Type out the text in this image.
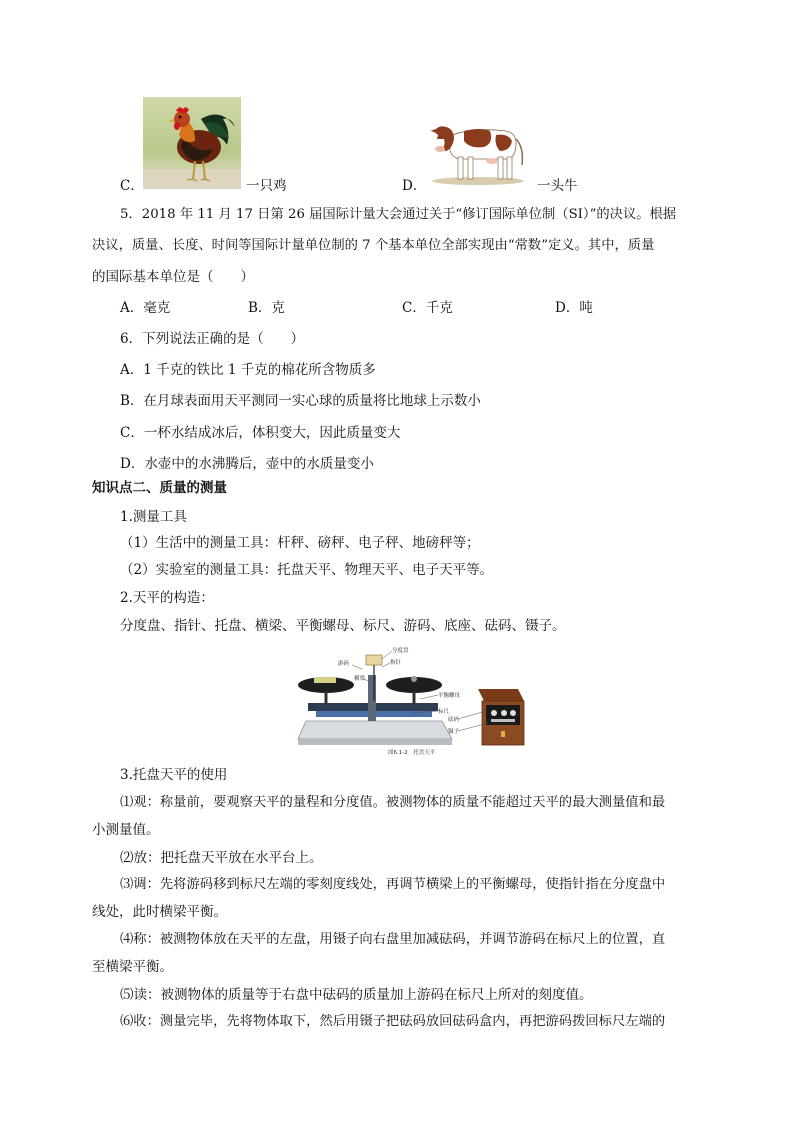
C．	一只鸡	D．	一头牛
5．2018 年 11 月 17 日第 26 届国际计量大会通过关于“修订国际单位制（SI）”的决议。根据
决议，质量、长度、时间等国际计量单位制的 7 个基本单位全部实现由“常数”定义。其中，质量
的国际基本单位是（　　）
A．毫克	B．克	C．千克	D．吨
6．下列说法正确的是（　　）
A．1 千克的铁比 1 千克的棉花所含物质多
B．在月球表面用天平测同一实心球的质量将比地球上示数小
C．一杯水结成冰后，体积变大，因此质量变大
D．水壶中的水沸腾后，壶中的水质量变小
知识点二、质量的测量
1.测量工具
（1）生活中的测量工具：杆秤、磅秤、电子秤、地磅秤等；
（2）实验室的测量工具：托盘天平、物理天平、电子天平等。
2.天平的构造：
分度盘、指针、托盘、横梁、平衡螺母、标尺、游码、底座、砝码、镊子。
分度盘
指针
游码
横梁
平衡螺母
标尺
砝码
镊子
图6.1-2　托盘天平
3.托盘天平的使用
⑴观：称量前，要观察天平的量程和分度值。被测物体的质量不能超过天平的最大测量值和最
小测量值。
⑵放：把托盘天平放在水平台上。
⑶调：先将游码移到标尺左端的零刻度线处，再调节横梁上的平衡螺母，使指针指在分度盘中
线处，此时横梁平衡。
⑷称：被测物体放在天平的左盘，用镊子向右盘里加减砝码，并调节游码在标尺上的位置，直
至横梁平衡。
⑸读：被测物体的质量等于右盘中砝码的质量加上游码在标尺上所对的刻度值。
⑹收：测量完毕，先将物体取下，然后用镊子把砝码放回砝码盒内，再把游码拨回标尺左端的
